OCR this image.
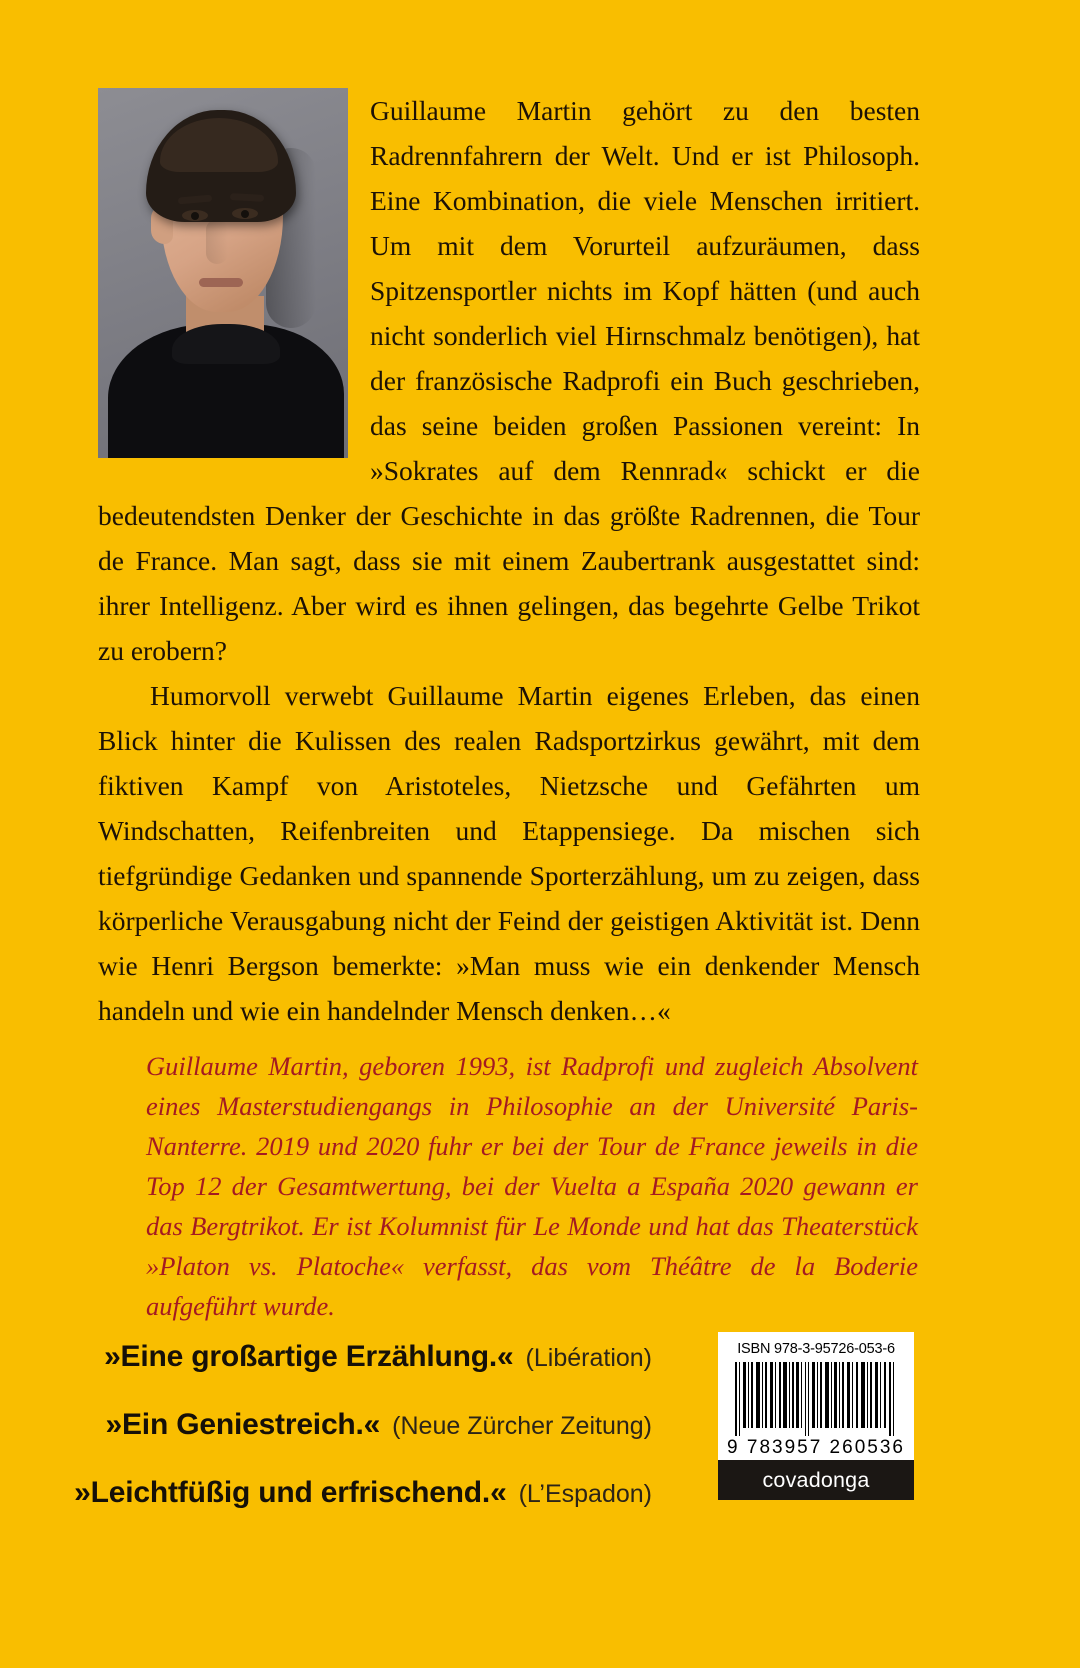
Guillaume Martin gehört zu den besten Radrennfahrern der Welt. Und er ist Philosoph. Eine Kombination, die viele Menschen irritiert. Um mit dem Vorurteil aufzuräumen, dass Spitzensportler nichts im Kopf hätten (und auch nicht sonderlich viel Hirnschmalz benötigen), hat der französische Radprofi ein Buch geschrieben, das seine beiden großen Passionen vereint: In »Sokrates auf dem Rennrad« schickt er die bedeutendsten Denker der Geschichte in das größte Radrennen, die Tour de France. Man sagt, dass sie mit einem Zaubertrank ausgestattet sind: ihrer Intelligenz. Aber wird es ihnen gelingen, das begehrte Gelbe Trikot zu erobern?

Humorvoll verwebt Guillaume Martin eigenes Erleben, das einen Blick hinter die Kulissen des realen Radsportzirkus gewährt, mit dem fiktiven Kampf von Aristoteles, Nietzsche und Gefährten um Windschatten, Reifenbreiten und Etappensiege. Da mischen sich tiefgründige Gedanken und spannende Sporterzählung, um zu zeigen, dass körperliche Verausgabung nicht der Feind der geistigen Aktivität ist. Denn wie Henri Bergson bemerkte: »Man muss wie ein denkender Mensch handeln und wie ein handelnder Mensch denken…«

Guillaume Martin, geboren 1993, ist Radprofi und zugleich Absolvent eines Masterstudiengangs in Philosophie an der Université Paris-Nanterre. 2019 und 2020 fuhr er bei der Tour de France jeweils in die Top 12 der Gesamtwertung, bei der Vuelta a España 2020 gewann er das Bergtrikot. Er ist Kolumnist für Le Monde und hat das Theaterstück »Platon vs. Platoche« verfasst, das vom Théâtre de la Boderie aufgeführt wurde.

»Eine großartige Erzählung.« (Libération)
»Ein Geniestreich.« (Neue Zürcher Zeitung)
»Leichtfüßig und erfrischend.« (L’Espadon)
ISBN 978-3-95726-053-6
9 783957 260536
covadonga
